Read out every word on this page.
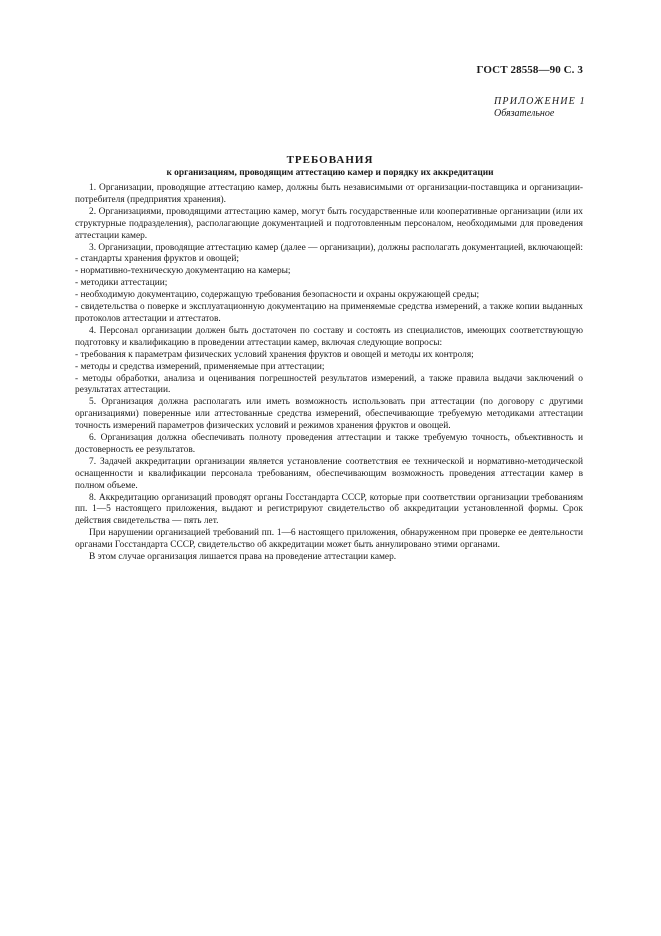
ГОСТ 28558—90 С. 3
ПРИЛОЖЕНИЕ 1
Обязательное
ТРЕБОВАНИЯ
к организациям, проводящим аттестацию камер и порядку их аккредитации

1. Организации, проводящие аттестацию камер, должны быть независимыми от организации-поставщика и организации-потребителя (предприятия хранения).

2. Организациями, проводящими аттестацию камер, могут быть государственные или кооперативные организации (или их структурные подразделения), располагающие документацией и подготовленным персоналом, необходимыми для проведения аттестации камер.

3. Организации, проводящие аттестацию камер (далее — организации), должны располагать документацией, включающей:

- стандарты хранения фруктов и овощей;

- нормативно-техническую документацию на камеры;

- методики аттестации;

- необходимую документацию, содержащую требования безопасности и охраны окружающей среды;

- свидетельства о поверке и эксплуатационную документацию на применяемые средства измерений, а также копии выданных протоколов аттестации и аттестатов.

4. Персонал организации должен быть достаточен по составу и состоять из специалистов, имеющих соответствующую подготовку и квалификацию в проведении аттестации камер, включая следующие вопросы:

- требования к параметрам физических условий хранения фруктов и овощей и методы их контроля;

- методы и средства измерений, применяемые при аттестации;

- методы обработки, анализа и оценивания погрешностей результатов измерений, а также правила выдачи заключений о результатах аттестации.

5. Организация должна располагать или иметь возможность использовать при аттестации (по договору с другими организациями) поверенные или аттестованные средства измерений, обеспечивающие требуемую методиками аттестации точность измерений параметров физических условий и режимов хранения фруктов и овощей.

6. Организация должна обеспечивать полноту проведения аттестации и также требуемую точность, объективность и достоверность ее результатов.

7. Задачей аккредитации организации является установление соответствия ее технической и нормативно-методической оснащенности и квалификации персонала требованиям, обеспечивающим возможность проведения аттестации камер в полном объеме.

8. Аккредитацию организаций проводят органы Госстандарта СССР, которые при соответствии организации требованиям пп. 1—5 настоящего приложения, выдают и регистрируют свидетельство об аккредитации установленной формы. Срок действия свидетельства — пять лет.

При нарушении организацией требований пп. 1—6 настоящего приложения, обнаруженном при проверке ее деятельности органами Госстандарта СССР, свидетельство об аккредитации может быть аннулировано этими органами.

В этом случае организация лишается права на проведение аттестации камер.
